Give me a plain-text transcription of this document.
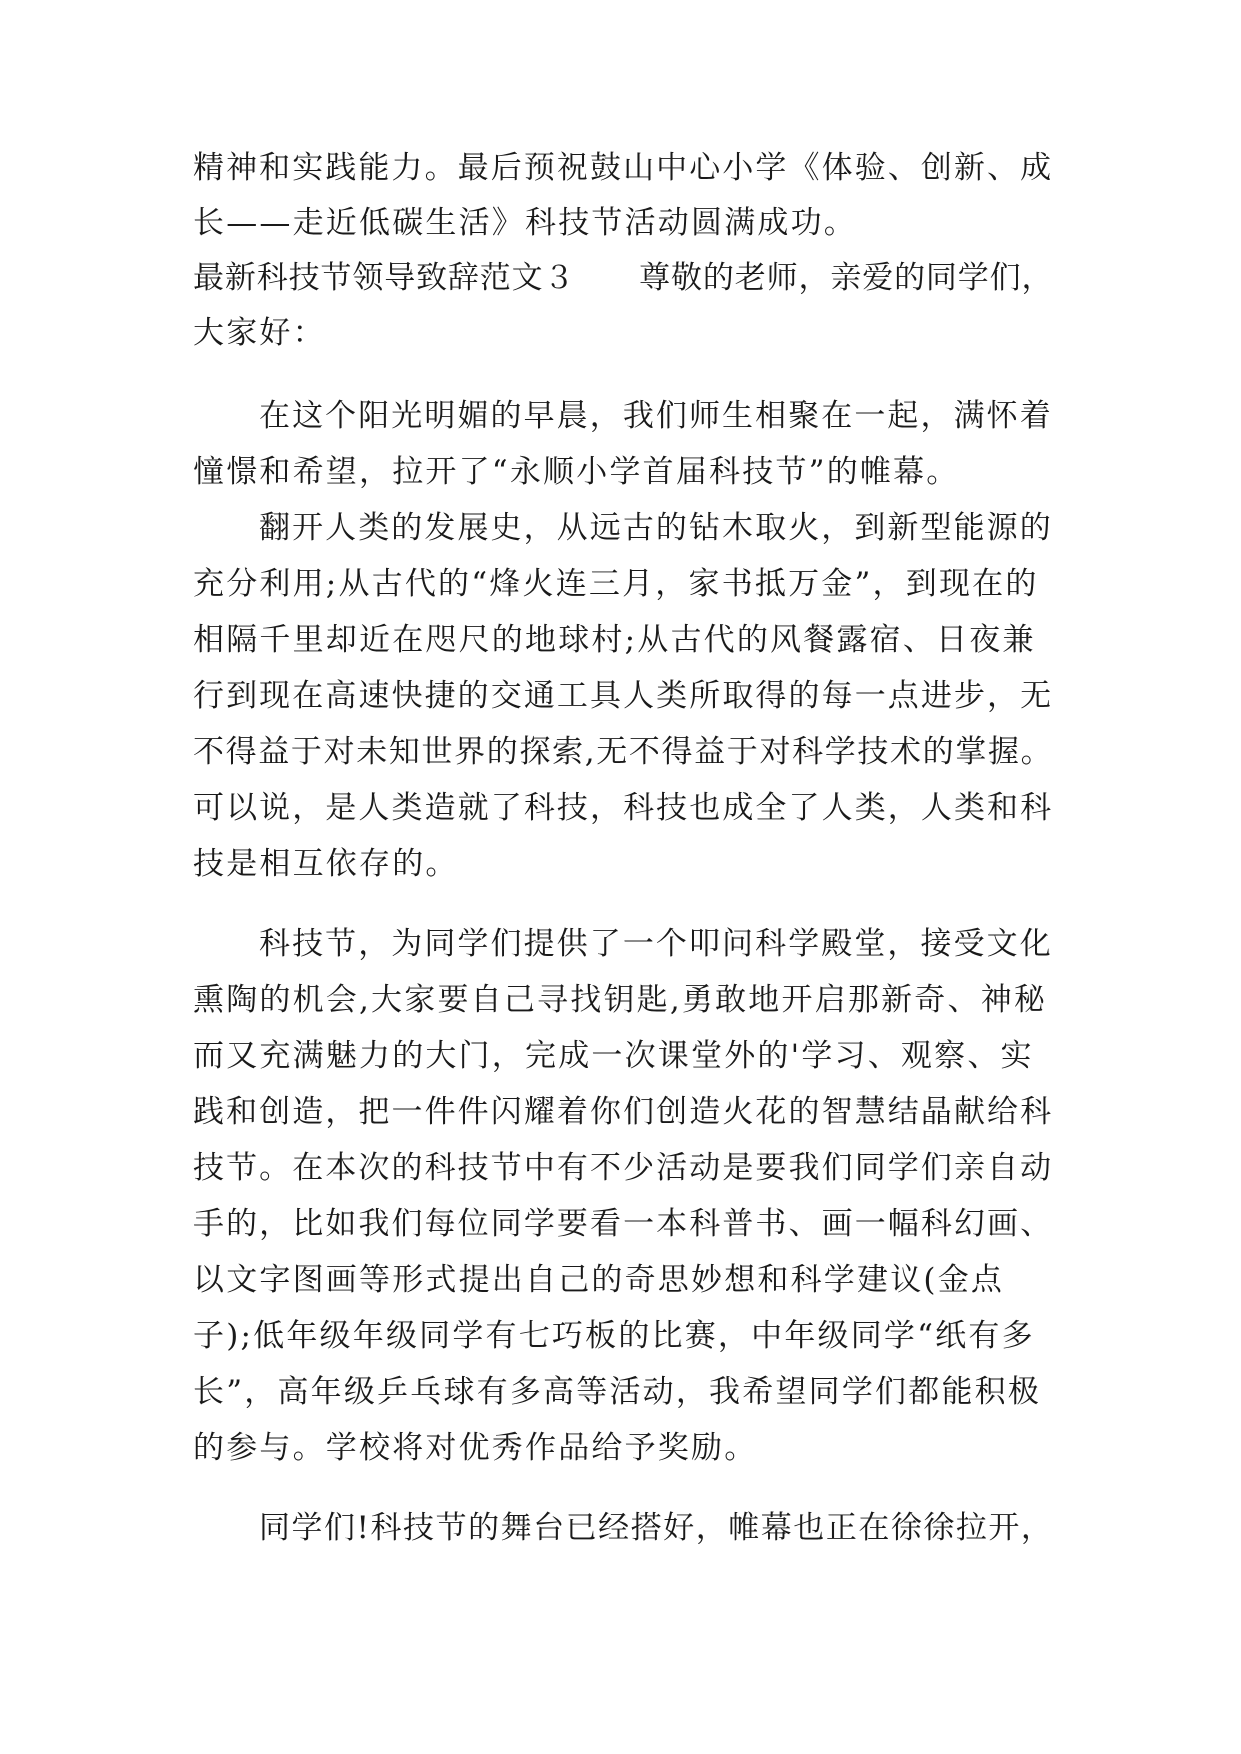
精神和实践能力。最后预祝鼓山中心小学《体验、创新、成
长——走近低碳生活》科技节活动圆满成功。
最新科技节领导致辞范文３　　尊敬的老师，亲爱的同学们，
大家好：
在这个阳光明媚的早晨，我们师生相聚在一起，满怀着
憧憬和希望，拉开了“永顺小学首届科技节”的帷幕。
翻开人类的发展史，从远古的钻木取火，到新型能源的
充分利用;从古代的“烽火连三月，家书抵万金”，到现在的
相隔千里却近在咫尺的地球村;从古代的风餐露宿、日夜兼
行到现在高速快捷的交通工具人类所取得的每一点进步，无
不得益于对未知世界的探索,无不得益于对科学技术的掌握。
可以说，是人类造就了科技，科技也成全了人类，人类和科
技是相互依存的。
科技节，为同学们提供了一个叩问科学殿堂，接受文化
熏陶的机会,大家要自己寻找钥匙,勇敢地开启那新奇、神秘
而又充满魅力的大门，完成一次课堂外的'学习、观察、实
践和创造，把一件件闪耀着你们创造火花的智慧结晶献给科
技节。在本次的科技节中有不少活动是要我们同学们亲自动
手的，比如我们每位同学要看一本科普书、画一幅科幻画、
以文字图画等形式提出自己的奇思妙想和科学建议(金点
子);低年级年级同学有七巧板的比赛，中年级同学“纸有多
长”，高年级乒乓球有多高等活动，我希望同学们都能积极
的参与。学校将对优秀作品给予奖励。
同学们!科技节的舞台已经搭好，帷幕也正在徐徐拉开，
